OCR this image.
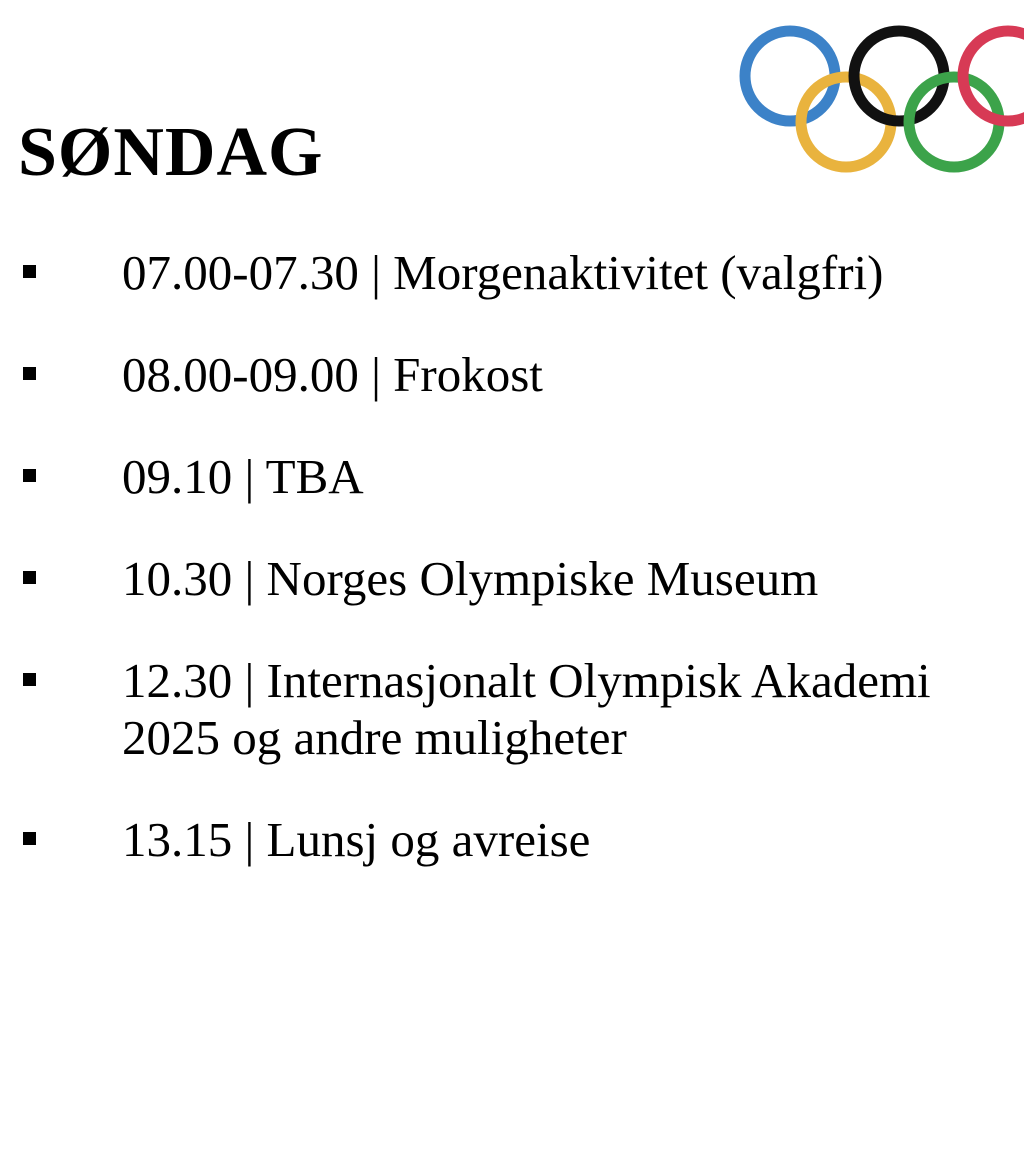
SØNDAG
07.00-07.30 | Morgenaktivitet (valgfri)
08.00-09.00 | Frokost
09.10 | TBA
10.30 | Norges Olympiske Museum
12.30 | Internasjonalt Olympisk Akademi 2025 og andre muligheter
13.15 | Lunsj og avreise
